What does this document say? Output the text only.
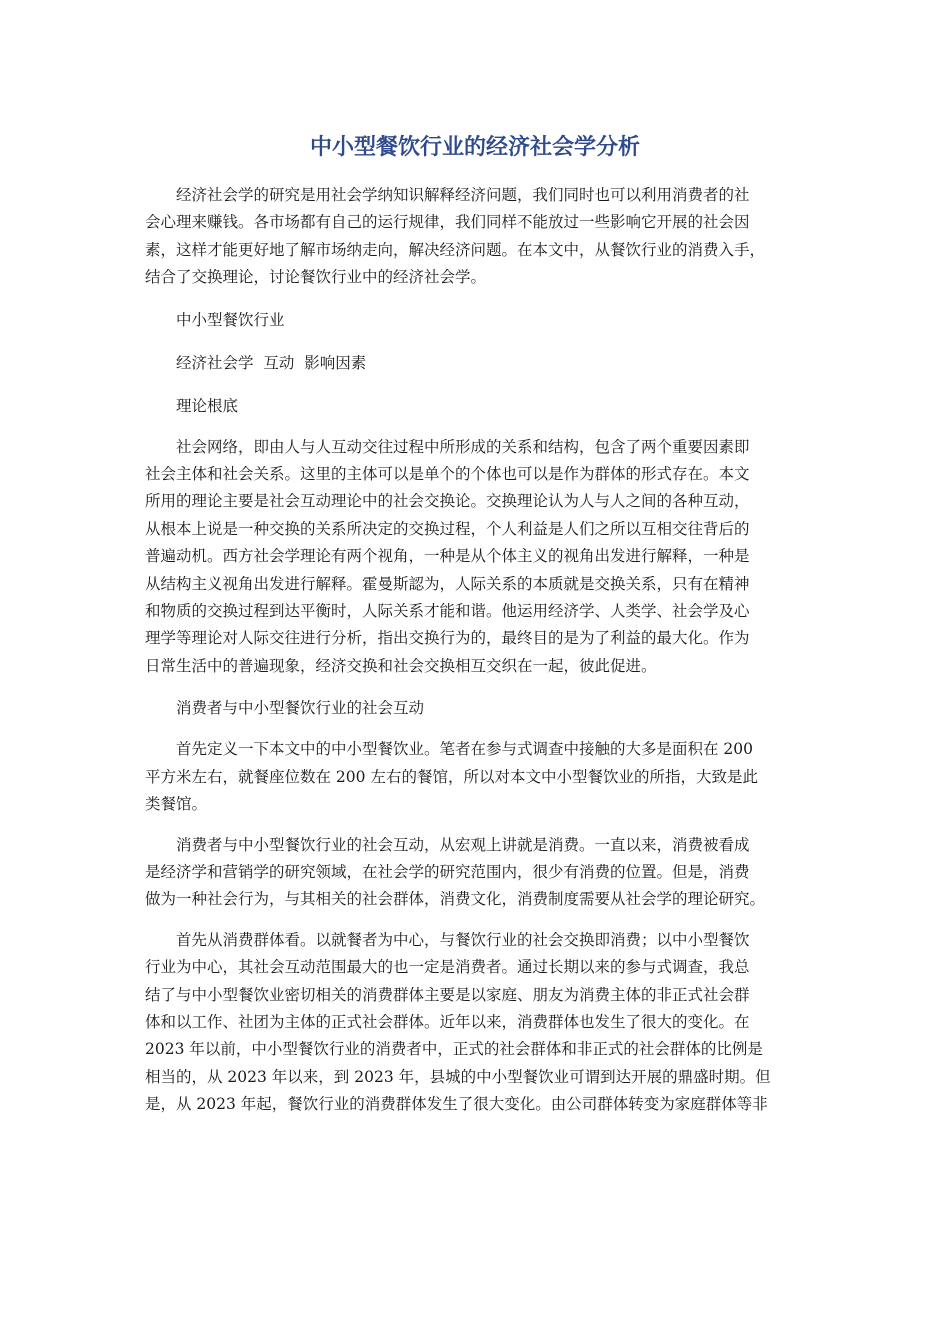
中小型餐饮行业的经济社会学分析

经济社会学的研究是用社会学纳知识解释经济问题，我们同时也可以利用消费者的社
会心理来赚钱。各市场都有自己的运行规律，我们同样不能放过一些影响它开展的社会因
素，这样才能更好地了解市场纳走向，解决经济问题。在本文中，从餐饮行业的消费入手，
结合了交换理论，讨论餐饮行业中的经济社会学。

中小型餐饮行业

经济社会学  互动  影响因素

理论根底

社会网络，即由人与人互动交往过程中所形成的关系和结构，包含了两个重要因素即
社会主体和社会关系。这里的主体可以是单个的个体也可以是作为群体的形式存在。本文
所用的理论主要是社会互动理论中的社会交换论。交换理论认为人与人之间的各种互动，
从根本上说是一种交换的关系所决定的交换过程，个人利益是人们之所以互相交往背后的
普遍动机。西方社会学理论有两个视角，一种是从个体主义的视角出发进行解释，一种是
从结构主义视角出发进行解释。霍曼斯認为，人际关系的本质就是交换关系，只有在精神
和物质的交换过程到达平衡时，人际关系才能和谐。他运用经济学、人类学、社会学及心
理学等理论对人际交往进行分析，指出交换行为的，最终目的是为了利益的最大化。作为
日常生活中的普遍现象，经济交换和社会交换相互交织在一起，彼此促进。

消费者与中小型餐饮行业的社会互动

首先定义一下本文中的中小型餐饮业。笔者在参与式调查中接触的大多是面积在 200
平方米左右，就餐座位数在 200 左右的餐馆，所以对本文中小型餐饮业的所指，大致是此
类餐馆。

消费者与中小型餐饮行业的社会互动，从宏观上讲就是消费。一直以来，消费被看成
是经济学和营销学的研究领域，在社会学的研究范围内，很少有消费的位置。但是，消费
做为一种社会行为，与其相关的社会群体，消费文化，消费制度需要从社会学的理论研究。

首先从消费群体看。以就餐者为中心，与餐饮行业的社会交换即消费；以中小型餐饮
行业为中心，其社会互动范围最大的也一定是消费者。通过长期以来的参与式调查，我总
结了与中小型餐饮业密切相关的消费群体主要是以家庭、朋友为消费主体的非正式社会群
体和以工作、社团为主体的正式社会群体。近年以来，消费群体也发生了很大的变化。在
2023 年以前，中小型餐饮行业的消费者中，正式的社会群体和非正式的社会群体的比例是
相当的，从 2023 年以来，到 2023 年，县城的中小型餐饮业可谓到达开展的鼎盛时期。但
是，从 2023 年起，餐饮行业的消费群体发生了很大变化。由公司群体转变为家庭群体等非
